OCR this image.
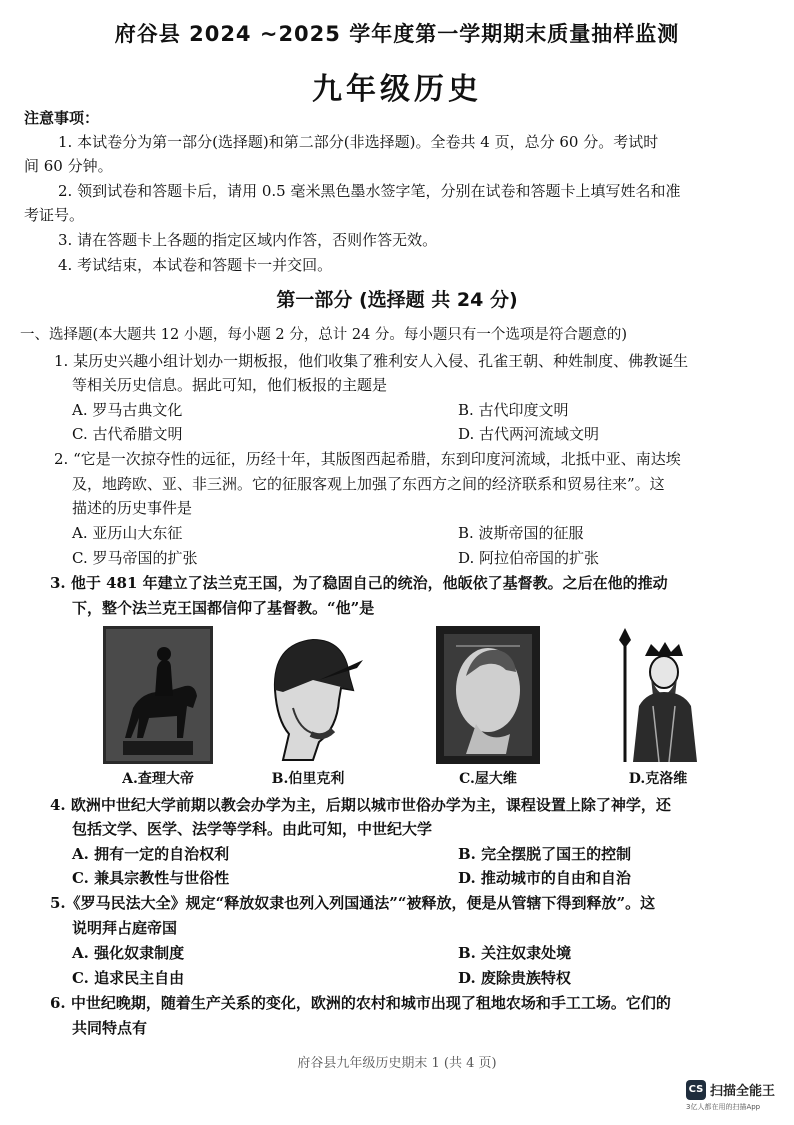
府谷县 2024 ~2025 学年度第一学期期末质量抽样监测
九年级历史
注意事项：
1. 本试卷分为第一部分(选择题)和第二部分(非选择题)。全卷共 4 页，总分 60 分。考试时
间 60 分钟。
2. 领到试卷和答题卡后，请用 0.5 毫米黑色墨水签字笔，分别在试卷和答题卡上填写姓名和准
考证号。
3. 请在答题卡上各题的指定区域内作答，否则作答无效。
4. 考试结束，本试卷和答题卡一并交回。
第一部分 (选择题 共 24 分)
一、选择题(本大题共 12 小题，每小题 2 分，总计 24 分。每小题只有一个选项是符合题意的)
1. 某历史兴趣小组计划办一期板报，他们收集了雅利安人入侵、孔雀王朝、种姓制度、佛教诞生
等相关历史信息。据此可知，他们板报的主题是
A. 罗马古典文化	B. 古代印度文明
C. 古代希腊文明	D. 古代两河流域文明
2. “它是一次掠夺性的远征，历经十年，其版图西起希腊，东到印度河流域，北抵中亚、南达埃
及，地跨欧、亚、非三洲。它的征服客观上加强了东西方之间的经济联系和贸易往来”。这
描述的历史事件是
A. 亚历山大东征	B. 波斯帝国的征服
C. 罗马帝国的扩张	D. 阿拉伯帝国的扩张
3. 他于 481 年建立了法兰克王国，为了稳固自己的统治，他皈依了基督教。之后在他的推动
下，整个法兰克王国都信仰了基督教。“他”是
A.查理大帝	B.伯里克利	C.屋大维	D.克洛维
4. 欧洲中世纪大学前期以教会办学为主，后期以城市世俗办学为主，课程设置上除了神学，还
包括文学、医学、法学等学科。由此可知，中世纪大学
A. 拥有一定的自治权利	B. 完全摆脱了国王的控制
C. 兼具宗教性与世俗性	D. 推动城市的自由和自治
5.《罗马民法大全》规定“释放奴隶也列入列国通法”“被释放，便是从管辖下得到释放”。这
说明拜占庭帝国
A. 强化奴隶制度	B. 关注奴隶处境
C. 追求民主自由	D. 废除贵族特权
6. 中世纪晚期，随着生产关系的变化，欧洲的农村和城市出现了租地农场和手工工场。它们的
共同特点有
府谷县九年级历史期末 1 (共 4 页)
CS 扫描全能王
3亿人都在用的扫描App
